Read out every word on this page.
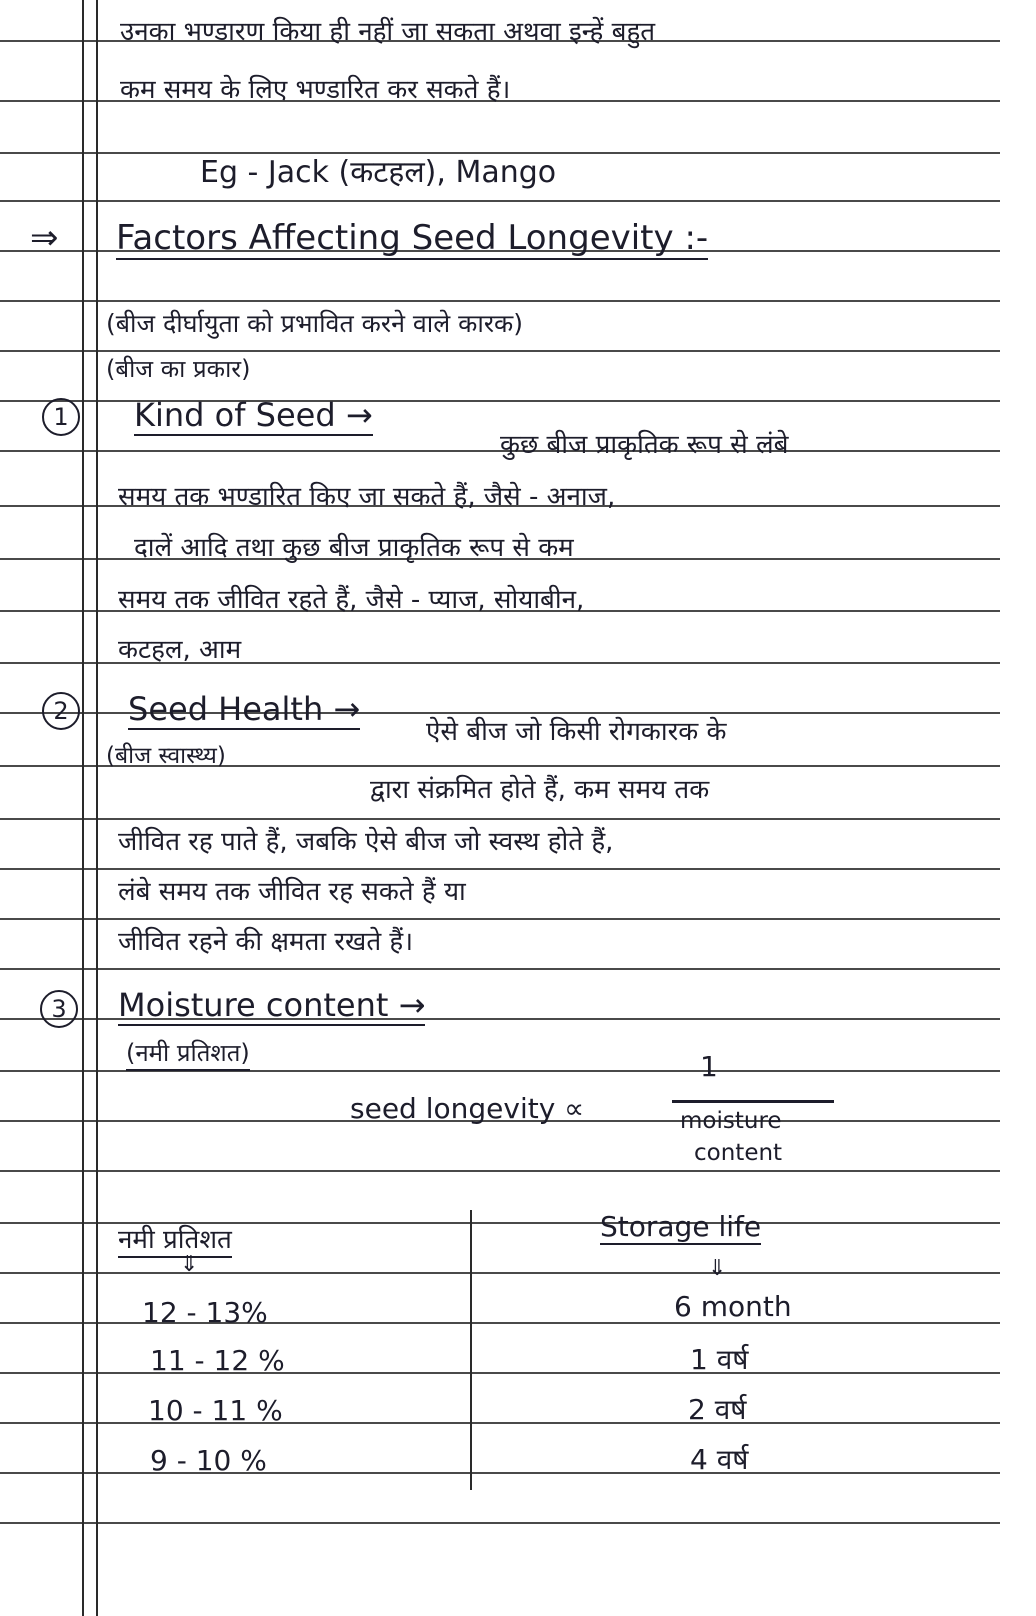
उनका भण्डारण किया ही नहीं जा सकता अथवा इन्हें बहुत
कम समय के लिए भण्डारित कर सकते हैं।
Eg - Jack (कटहल), Mango
⇒ Factors Affecting Seed Longevity :-
(बीज दीर्घायुता को प्रभावित करने वाले कारक)
(बीज का प्रकार)
1	Kind of Seed →
कुछ बीज प्राकृतिक रूप से लंबे
समय तक भण्डारित किए जा सकते हैं, जैसे - अनाज,
दालें आदि तथा कुछ बीज प्राकृतिक रूप से कम
समय तक जीवित रहते हैं, जैसे - प्याज, सोयाबीन,
कटहल, आम
2	Seed Health →
ऐसे बीज जो किसी रोगकारक के
(बीज स्वास्थ्य)
द्वारा संक्रमित होते हैं, कम समय तक
जीवित रह पाते हैं, जबकि ऐसे बीज जो स्वस्थ होते हैं,
लंबे समय तक जीवित रह सकते हैं या
जीवित रहने की क्षमता रखते हैं।
3	Moisture content →
(नमी प्रतिशत)
seed longevity ∝
1
moisture
content
नमी प्रतिशत	Storage life
⇓	⇓
12 - 13%	6 month
11 - 12 %	1 वर्ष
10 - 11 %	2 वर्ष
9 - 10 %	4 वर्ष
